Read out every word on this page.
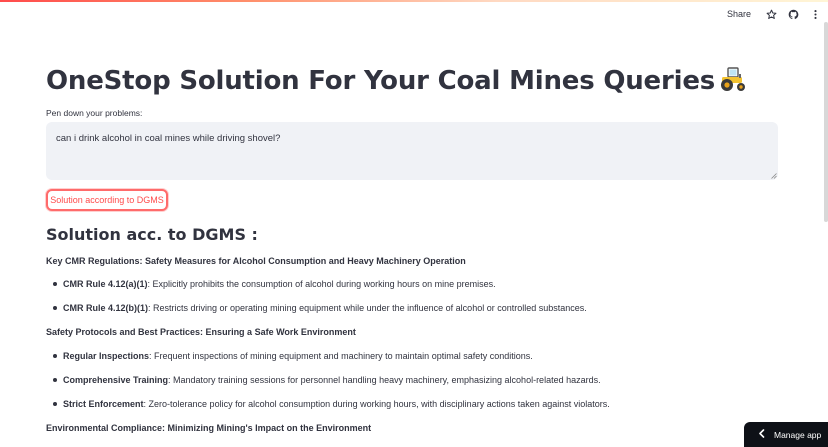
Share
OneStop Solution For Your Coal Mines Queries
Pen down your problems:
can i drink alcohol in coal mines while driving shovel?
Solution according to DGMS
Solution acc. to DGMS :
Key CMR Regulations: Safety Measures for Alcohol Consumption and Heavy Machinery Operation
CMR Rule 4.12(a)(1) : Explicitly prohibits the consumption of alcohol during working hours on mine premises.
CMR Rule 4.12(b)(1) : Restricts driving or operating mining equipment while under the influence of alcohol or controlled substances.
Safety Protocols and Best Practices: Ensuring a Safe Work Environment
Regular Inspections : Frequent inspections of mining equipment and machinery to maintain optimal safety conditions.
Comprehensive Training : Mandatory training sessions for personnel handling heavy machinery, emphasizing alcohol-related hazards.
Strict Enforcement : Zero-tolerance policy for alcohol consumption during working hours, with disciplinary actions taken against violators.
Environmental Compliance: Minimizing Mining's Impact on the Environment
Manage app
